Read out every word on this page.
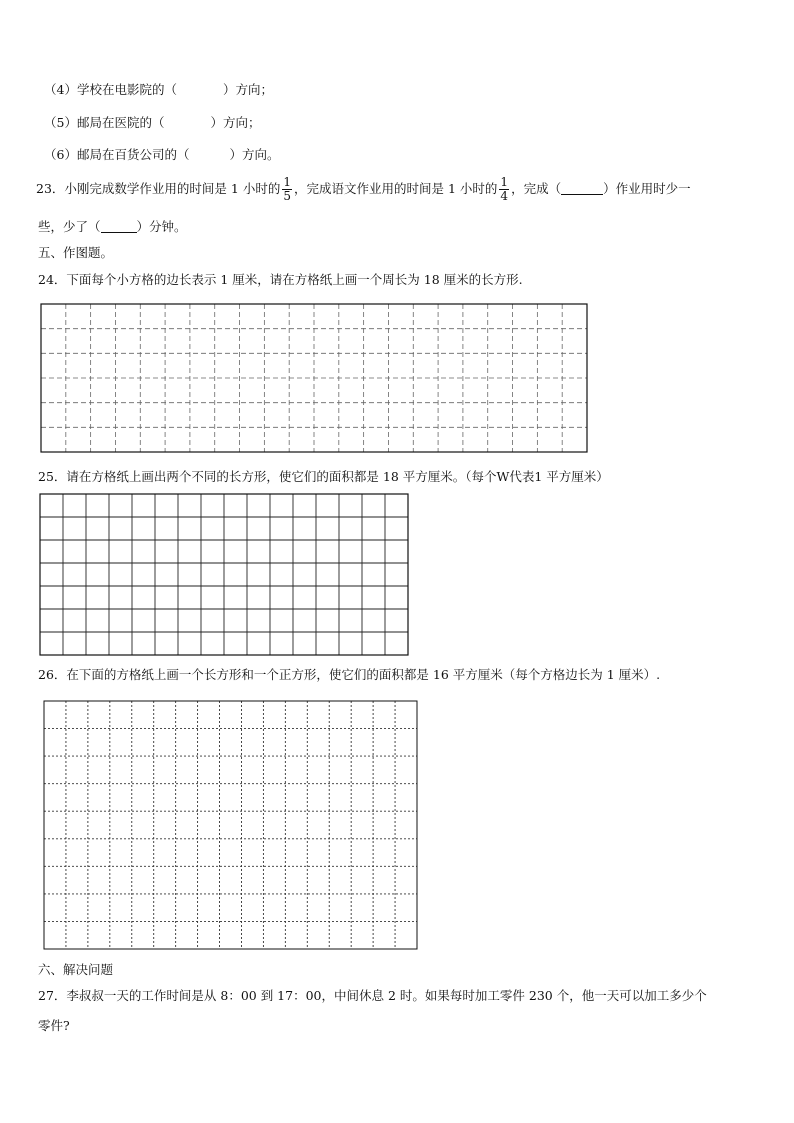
（4）学校在电影院的（	）方向；
（5）邮局在医院的（	）方向；
（6）邮局在百货公司的（	）方向。
23．小刚完成数学作业用的时间是 1 小时的 $\frac{1}{5}$ ，完成语文作业用的时间是 1 小时的 $\frac{1}{4}$ ，完成（	）作业用时少一
些，少了（	）分钟。
五、作图题。
24．下面每个小方格的边长表示 1 厘米，请在方格纸上画一个周长为 18 厘米的长方形.
25．请在方格纸上画出两个不同的长方形，使它们的面积都是 18 平方厘米。（每个W代表1 平方厘米）
26．在下面的方格纸上画一个长方形和一个正方形，使它们的面积都是 16 平方厘米（每个方格边长为 1 厘米）.
六、解决问题
27．李叔叔一天的工作时间是从 8：00 到 17：00，中间休息 2 时。如果每时加工零件 230 个，他一天可以加工多少个
零件?
